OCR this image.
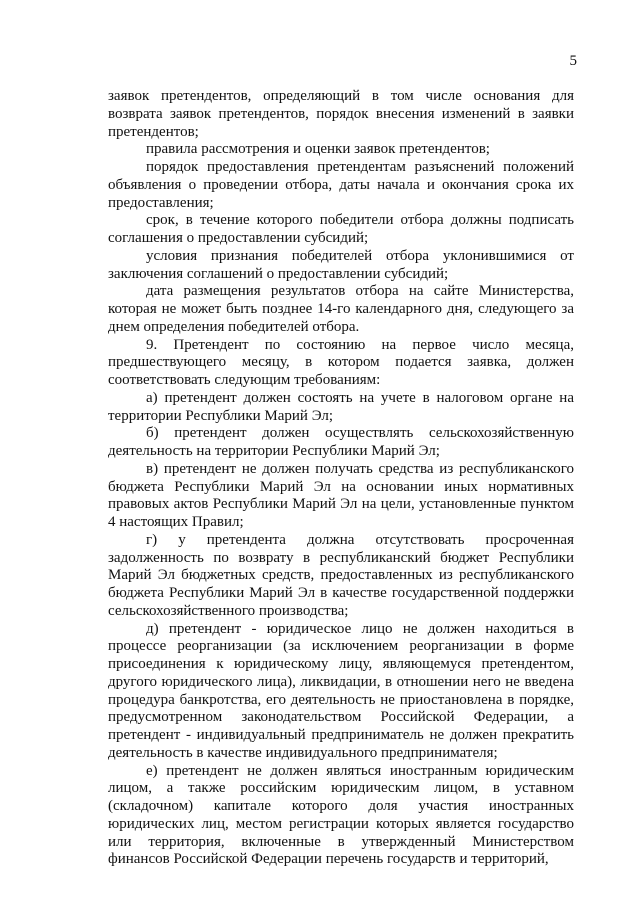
5

заявок претендентов, определяющий в том числе основания для возврата заявок претендентов, порядок внесения изменений в заявки претендентов;

правила рассмотрения и оценки заявок претендентов;

порядок предоставления претендентам разъяснений положений объявления о проведении отбора, даты начала и окончания срока их предоставления;

срок, в течение которого победители отбора должны подписать соглашения о предоставлении субсидий;

условия признания победителей отбора уклонившимися от заключения соглашений о предоставлении субсидий;

дата размещения результатов отбора на сайте Министерства, которая не может быть позднее 14-го календарного дня, следующего за днем определения победителей отбора.

9. Претендент по состоянию на первое число месяца, предшествующего месяцу, в котором подается заявка, должен соответствовать следующим требованиям:

а) претендент должен состоять на учете в налоговом органе на территории Республики Марий Эл;

б) претендент должен осуществлять сельскохозяйственную деятельность на территории Республики Марий Эл;

в) претендент не должен получать средства из республиканского бюджета Республики Марий Эл на основании иных нормативных правовых актов Республики Марий Эл на цели, установленные пунктом 4 настоящих Правил;

г) у претендента должна отсутствовать просроченная задолженность по возврату в республиканский бюджет Республики Марий Эл бюджетных средств, предоставленных из республиканского бюджета Республики Марий Эл в качестве государственной поддержки сельскохозяйственного производства;

д) претендент - юридическое лицо не должен находиться в процессе реорганизации (за исключением реорганизации в форме присоединения к юридическому лицу, являющемуся претендентом, другого юридического лица), ликвидации, в отношении него не введена процедура банкротства, его деятельность не приостановлена в порядке, предусмотренном законодательством Российской Федерации, а претендент - индивидуальный предприниматель не должен прекратить деятельность в качестве индивидуального предпринимателя;

е) претендент не должен являться иностранным юридическим лицом, а также российским юридическим лицом, в уставном (складочном) капитале которого доля участия иностранных юридических лиц, местом регистрации которых является государство или территория, включенные в утвержденный Министерством финансов Российской Федерации перечень государств и территорий,
